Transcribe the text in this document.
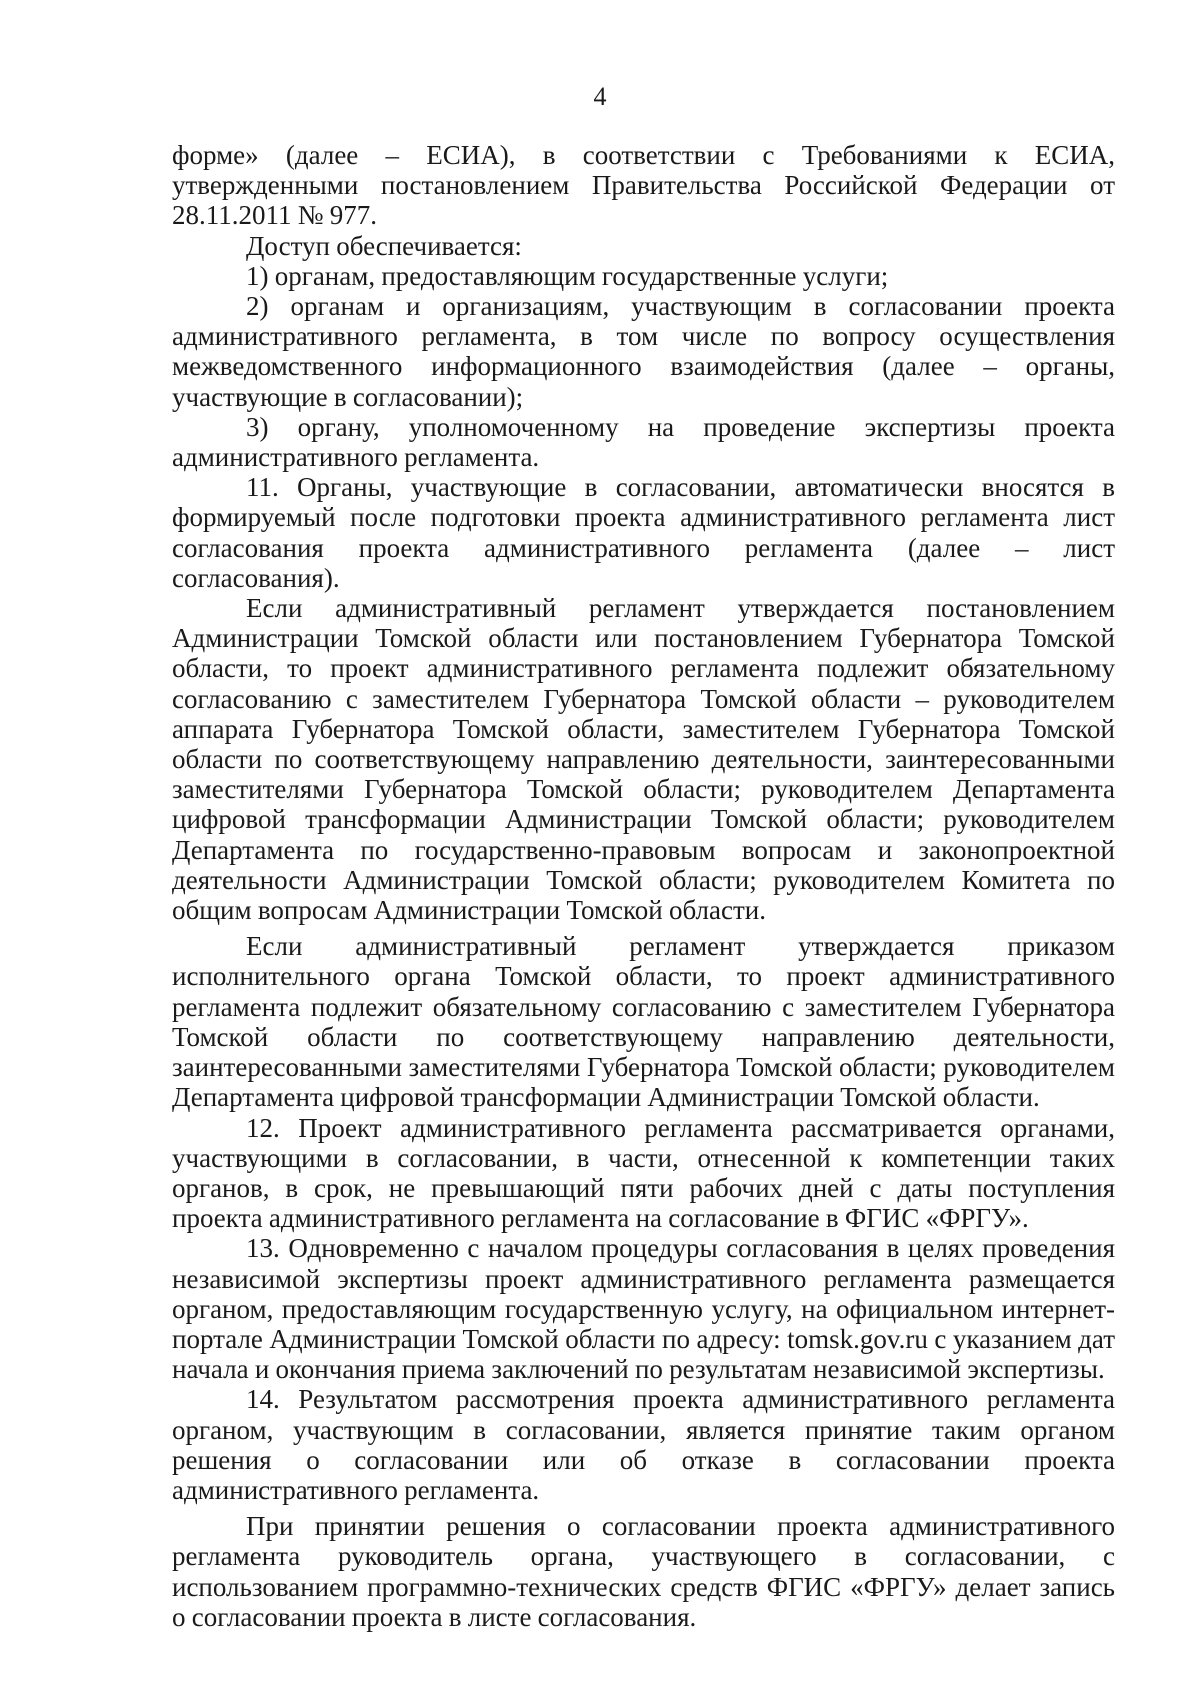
4

форме» (далее – ЕСИА), в соответствии с Требованиями к ЕСИА, утвержденными постановлением Правительства Российской Федерации от 28.11.2011 № 977.

Доступ обеспечивается:

1) органам, предоставляющим государственные услуги;

2) органам и организациям, участвующим в согласовании проекта административного регламента, в том числе по вопросу осуществления межведомственного информационного взаимодействия (далее – органы, участвующие в согласовании);

3) органу, уполномоченному на проведение экспертизы проекта административного регламента.

11. Органы, участвующие в согласовании, автоматически вносятся в формируемый после подготовки проекта административного регламента лист согласования проекта административного регламента (далее – лист согласования).

Если административный регламент утверждается постановлением Администрации Томской области или постановлением Губернатора Томской области, то проект административного регламента подлежит обязательному согласованию с заместителем Губернатора Томской области – руководителем аппарата Губернатора Томской области, заместителем Губернатора Томской области по соответствующему направлению деятельности, заинтересованными заместителями Губернатора Томской области; руководителем Департамента цифровой трансформации Администрации Томской области; руководителем Департамента по государственно-правовым вопросам и законопроектной деятельности Администрации Томской области; руководителем Комитета по общим вопросам Администрации Томской области.

Если административный регламент утверждается приказом исполнительного органа Томской области, то проект административного регламента подлежит обязательному согласованию с заместителем Губернатора Томской области по соответствующему направлению деятельности, заинтересованными заместителями Губернатора Томской области; руководителем Департамента цифровой трансформации Администрации Томской области.

12. Проект административного регламента рассматривается органами, участвующими в согласовании, в части, отнесенной к компетенции таких органов, в срок, не превышающий пяти рабочих дней с даты поступления проекта административного регламента на согласование в ФГИС «ФРГУ».

13. Одновременно с началом процедуры согласования в целях проведения независимой экспертизы проект административного регламента размещается органом, предоставляющим государственную услугу, на официальном интернет-портале Администрации Томской области по адресу: tomsk.gov.ru с указанием дат начала и окончания приема заключений по результатам независимой экспертизы.

14. Результатом рассмотрения проекта административного регламента органом, участвующим в согласовании, является принятие таким органом решения о согласовании или об отказе в согласовании проекта административного регламента.

При принятии решения о согласовании проекта административного регламента руководитель органа, участвующего в согласовании, с использованием программно-технических средств ФГИС «ФРГУ» делает запись о согласовании проекта в листе согласования.
